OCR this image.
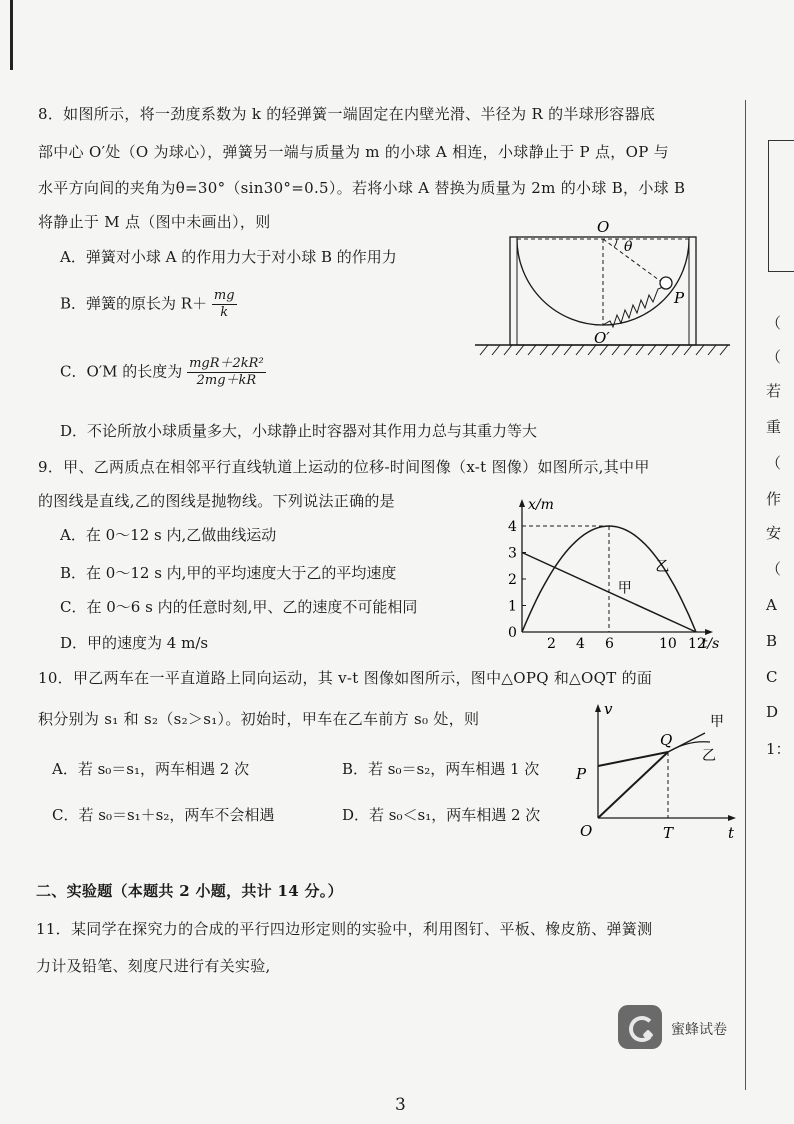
8．如图所示，将一劲度系数为 k 的轻弹簧一端固定在内壁光滑、半径为 R 的半球形容器底
部中心 O′处（O 为球心），弹簧另一端与质量为 m 的小球 A 相连，小球静止于 P 点，OP 与
水平方向间的夹角为θ=30°（sin30°=0.5）。若将小球 A 替换为质量为 2m 的小球 B，小球 B
将静止于 M 点（图中未画出），则
A．弹簧对小球 A 的作用力大于对小球 B 的作用力
B．弹簧的原长为 $R+ \frac{mg}{k}$
C．O′M 的长度为 $\frac{\text{mgR＋2kR²}}{2mg+kR}$
D．不论所放小球质量多大，小球静止时容器对其作用力总与其重力等大
O
θ
P
O′
9．甲、乙两质点在相邻平行直线轨道上运动的位移-时间图像（x-t 图像）如图所示,其中甲
的图线是直线,乙的图线是抛物线。下列说法正确的是
A．在 0～12 s 内,乙做曲线运动
B．在 0～12 s 内,甲的平均速度大于乙的平均速度
C．在 0～6 s 内的任意时刻,甲、乙的速度不可能相同
D．甲的速度为 4 m/s
x/m
t/s
0
1
2
3
4
2 4 6	10 12
甲
乙
10．甲乙两车在一平直道路上同向运动，其 v-t 图像如图所示，图中△OPQ 和△OQT 的面
积分别为 s₁ 和 s₂（s₂＞s₁）。初始时，甲车在乙车前方 s₀ 处，则
A．若 s₀＝s₁，两车相遇 2 次	B．若 s₀＝s₂，两车相遇 1 次
C．若 s₀＝s₁＋s₂，两车不会相遇	D．若 s₀＜s₁，两车相遇 2 次
v
甲
乙
Q
P
O	T	t
二、实验题（本题共 2 小题，共计 14 分。）
11．某同学在探究力的合成的平行四边形定则的实验中，利用图钉、平板、橡皮筋、弹簧测
力计及铅笔、刻度尺进行有关实验,
蜜蜂试卷
3
（
（
若
重
（
作
安
（
A
B
C
D
1：
